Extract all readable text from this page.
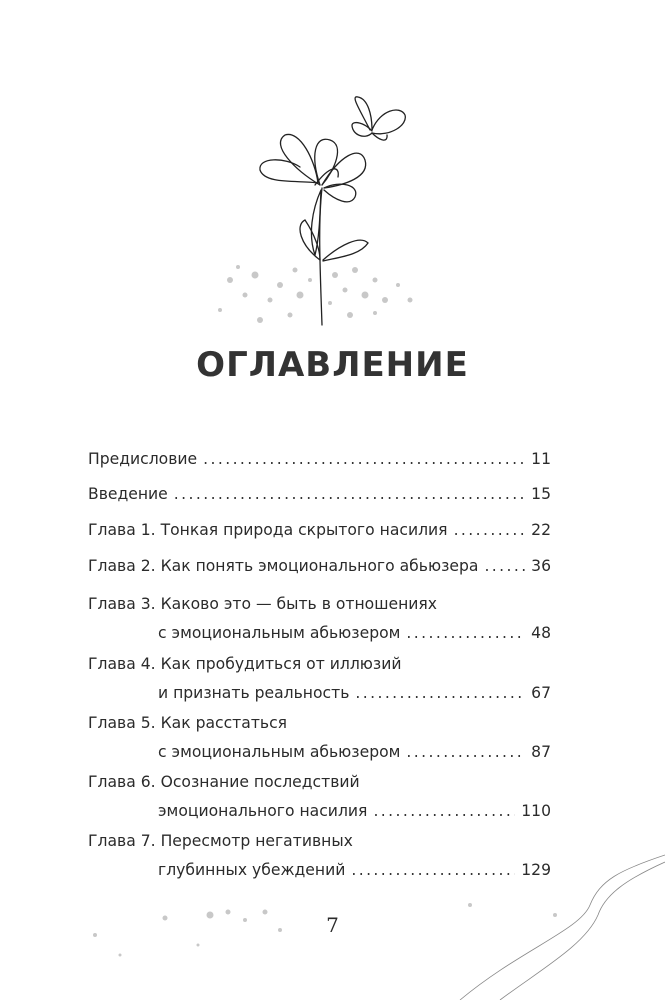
ОГЛАВЛЕНИЕ
Предисловие .....	11
Введение .....	15
Глава 1. Тонкая природа скрытого насилия .....	22
Глава 2. Как понять эмоционального абьюзера .....	36
Глава 3. Каково это — быть в отношениях
с эмоциональным абьюзером .....	48
Глава 4. Как пробудиться от иллюзий
и признать реальность .....	67
Глава 5. Как расстаться
с эмоциональным абьюзером .....	87
Глава 6. Осознание последствий
эмоционального насилия .....	110
Глава 7. Пересмотр негативных
глубинных убеждений .....	129
7
